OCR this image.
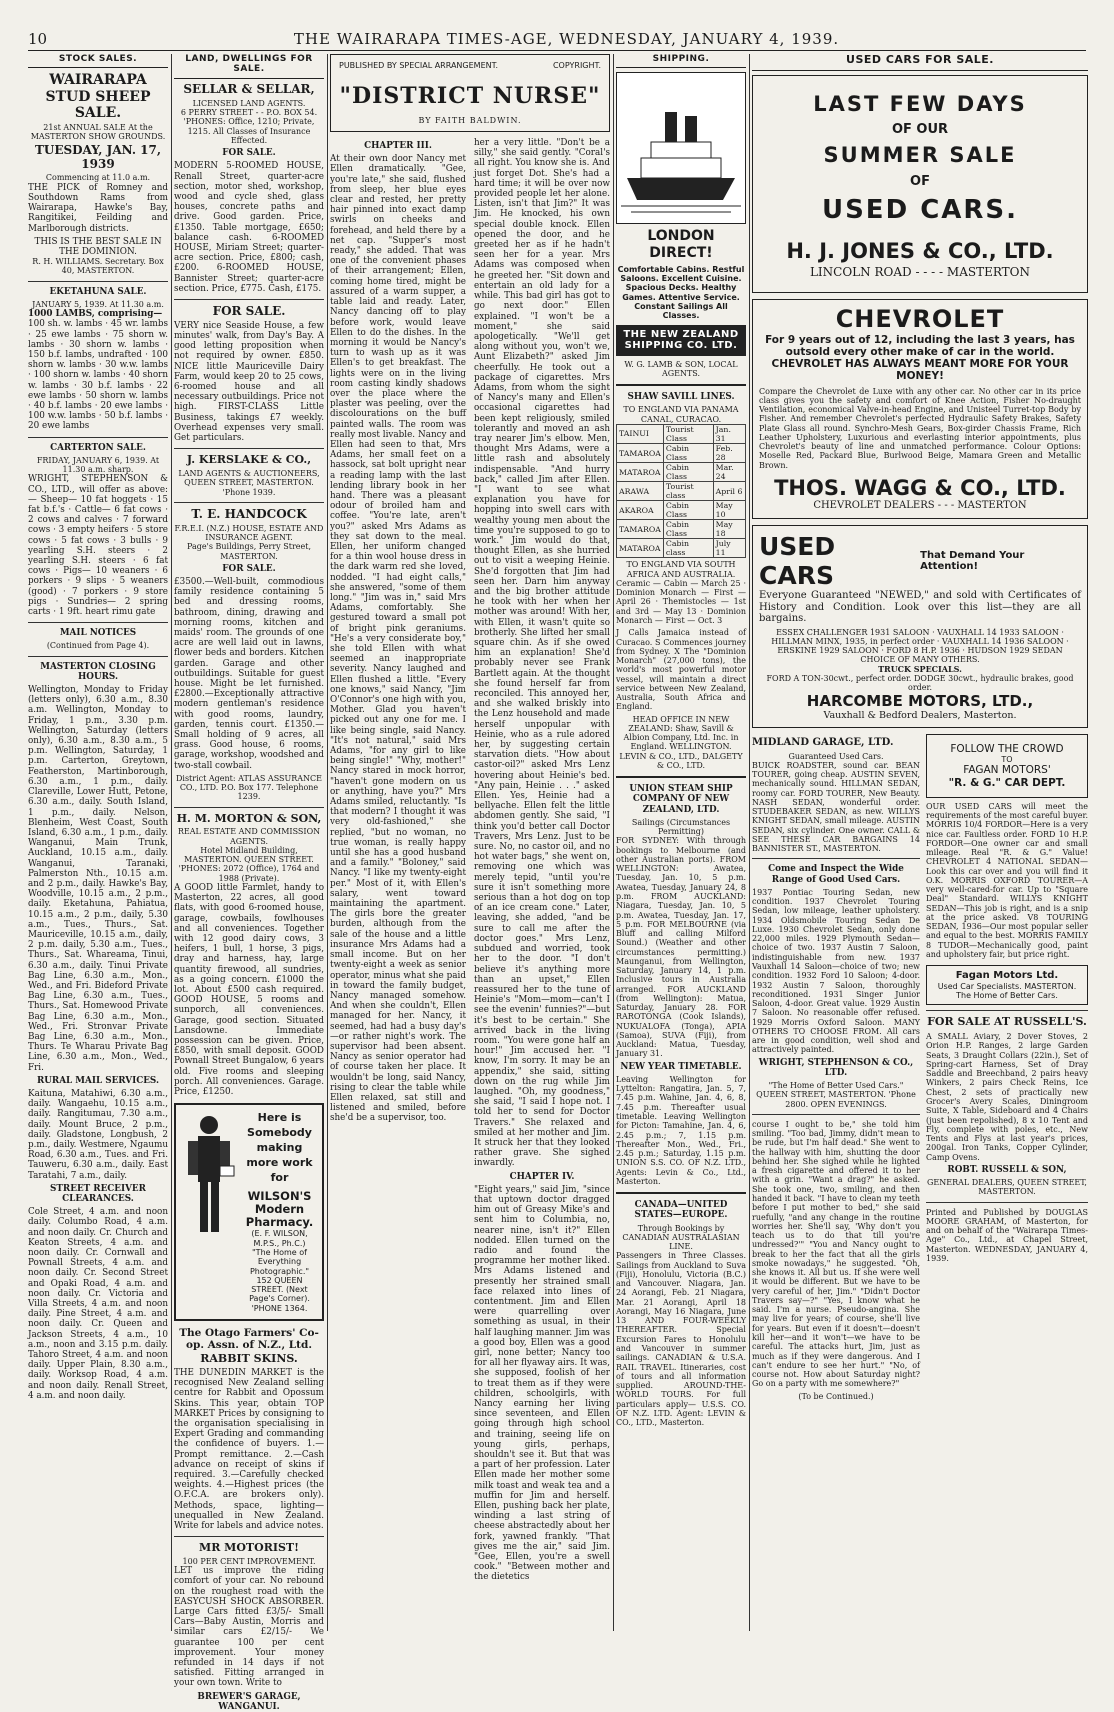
10	THE WAIRARAPA TIMES-AGE, WEDNESDAY, JANUARY 4, 1939.
STOCK SALES.
WAIRARAPA STUD SHEEP SALE.
21st ANNUAL SALE At the MASTERTON SHOW GROUNDS.
TUESDAY, JAN. 17, 1939
Commencing at 11.0 a.m.

THE PICK of Romney and Southdown Rams from Wairarapa, Hawke's Bay, Rangitikei, Feilding and Marlborough districts.

THIS IS THE BEST SALE IN THE DOMINION.
R. H. WILLIAMS. Secretary. Box 40, MASTERTON.
EKETAHUNA SALE.
JANUARY 5, 1939. At 11.30 a.m.
1000 LAMBS, comprising—

100 sh. w. lambs · 45 wr. lambs · 25 ewe lambs · 75 shorn w. lambs · 30 shorn w. lambs · 150 b.f. lambs, undrafted · 100 shorn w. lambs · 30 w.w. lambs · 100 shorn w. lambs · 40 shorn w. lambs · 30 b.f. lambs · 22 ewe lambs · 50 shorn w. lambs · 40 b.f. lambs · 20 ewe lambs · 100 w.w. lambs · 50 b.f. lambs · 20 ewe lambs

CARTERTON SALE.
FRIDAY, JANUARY 6, 1939. At 11.30 a.m. sharp.

WRIGHT, STEPHENSON & CO., LTD., will offer as above:— Sheep— 10 fat hoggets · 15 fat b.f.'s · Cattle— 6 fat cows · 2 cows and calves · 7 forward cows · 3 empty heifers · 5 store cows · 5 fat cows · 3 bulls · 9 yearling S.H. steers · 2 yearling S.H. steers · 6 fat cows · Pigs— 10 weaners · 6 porkers · 9 slips · 5 weaners (good) · 7 porkers · 9 store pigs · Sundries— 2 spring carts · 1 9ft. heart rimu gate

MAIL NOTICES
(Continued from Page 4).
MASTERTON CLOSING HOURS.

Wellington, Monday to Friday (letters only), 6.30 a.m., 8.30 a.m. Wellington, Monday to Friday, 1 p.m., 3.30 p.m. Wellington, Saturday (letters only), 6.30 a.m., 8.30 a.m., 5 p.m. Wellington, Saturday, 1 p.m. Carterton, Greytown, Featherston, Martinborough, 6.30 a.m., 1 p.m., daily. Clareville, Lower Hutt, Petone, 6.30 a.m., daily. South Island, 1 p.m., daily. Nelson, Blenheim, West Coast, South Island, 6.30 a.m., 1 p.m., daily. Wanganui, Main Trunk, Auckland, 10.15 a.m., daily. Wanganui, Taranaki, Palmerston Nth., 10.15 a.m. and 2 p.m., daily. Hawke's Bay, Woodville, 10.15 a.m., 2 p.m., daily. Eketahuna, Pahiatua, 10.15 a.m., 2 p.m., daily, 5.30 a.m., Tues., Thurs., Sat. Mauriceville, 10.15 a.m., daily, 2 p.m. daily, 5.30 a.m., Tues., Thurs., Sat. Whareama, Tinui, 6.30 a.m., daily. Tinui Private Bag Line, 6.30 a.m., Mon., Wed., and Fri. Bideford Private Bag Line, 6.30 a.m., Tues., Thurs., Sat. Homewood Private Bag Line, 6.30 a.m., Mon., Wed., Fri. Stronvar Private Bag Line, 6.30 a.m., Mon., Thurs. Te Wharau Private Bag Line, 6.30 a.m., Mon., Wed., Fri.

RURAL MAIL SERVICES.

Kaituna, Matahiwi, 6.30 a.m., daily. Wangaehu, 10.15 a.m., daily. Rangitumau, 7.30 a.m., daily. Mount Bruce, 2 p.m., daily. Gladstone, Longbush, 2 p.m., daily. Westmere, Ngaumu Road, 6.30 a.m., Tues. and Fri. Tauweru, 6.30 a.m., daily. East Taratahi, 7 a.m., daily.

STREET RECEIVER CLEARANCES.

Cole Street, 4 a.m. and noon daily. Columbo Road, 4 a.m. and noon daily. Cr. Church and Keaton Streets, 4 a.m. and noon daily. Cr. Cornwall and Pownall Streets, 4 a.m. and noon daily. Cr. Second Street and Opaki Road, 4 a.m. and noon daily. Cr. Victoria and Villa Streets, 4 a.m. and noon daily. Pine Street, 4 a.m. and noon daily. Cr. Queen and Jackson Streets, 4 a.m., 10 a.m., noon and 3.15 p.m. daily. Tahoro Street, 4 a.m. and noon daily. Upper Plain, 8.30 a.m., daily. Worksop Road, 4 a.m. and noon daily. Renall Street, 4 a.m. and noon daily.

LAND, DWELLINGS FOR SALE.
SELLAR & SELLAR,
LICENSED LAND AGENTS.
6 PERRY STREET - - P.O. BOX 54. 'PHONES: Office, 1210; Private, 1215. All Classes of Insurance Effected.
FOR SALE.

MODERN 5-ROOMED HOUSE, Renall Street, quarter-acre section, motor shed, workshop, wood and cycle shed, glass houses, concrete paths and drive. Good garden. Price, £1350. Table mortgage, £650; balance cash. 6-ROOMED HOUSE, Miriam Street; quarter-acre section. Price, £800; cash, £200. 6-ROOMED HOUSE, Bannister Street; quarter-acre section. Price, £775. Cash, £175.

FOR SALE.

VERY nice Seaside House, a few minutes' walk, from Day's Bay. A good letting proposition when not required by owner. £850. NICE little Mauriceville Dairy Farm, would keep 20 to 25 cows, 6-roomed house and all necessary outbuildings. Price not high. FIRST-CLASS Little Business, takings £7 weekly. Overhead expenses very small. Get particulars.

J. KERSLAKE & CO.,
LAND AGENTS & AUCTIONEERS, QUEEN STREET, MASTERTON. 'Phone 1939.
T. E. HANDCOCK
F.R.E.I. (N.Z.) HOUSE, ESTATE AND INSURANCE AGENT.
Page's Buildings, Perry Street, MASTERTON.
FOR SALE.

£3500.—Well-built, commodious family residence containing 5 bed and dressing rooms, bathroom, dining, drawing and morning rooms, kitchen and maids' room. The grounds of one acre are well laid out in lawns, flower beds and borders. Kitchen garden. Garage and other outbuildings. Suitable for guest house. Might be let furnished. £2800.—Exceptionally attractive modern gentleman's residence with good rooms, laundry, garden, tennis court. £1350.—Small holding of 9 acres, all grass. Good house, 6 rooms, garage, workshop, woodshed and two-stall cowbail.

District Agent: ATLAS ASSURANCE CO., LTD. P.O. Box 177. Telephone 1239.
H. M. MORTON & SON,
REAL ESTATE AND COMMISSION AGENTS.
Hotel Midland Building, MASTERTON. QUEEN STREET. 'PHONES: 2072 (Office), 1764 and 1988 (Private).

A GOOD little Farmlet, handy to Masterton, 22 acres, all good flats, with good 6-roomed house, garage, cowbails, fowlhouses and all conveniences. Together with 12 good dairy cows, 3 heifers, 1 bull, 1 horse, 3 pigs, dray and harness, hay, large quantity firewood, all sundries, as a going concern. £1000 the lot. About £500 cash required. GOOD HOUSE, 5 rooms and sunporch, all conveniences. Garage, good section. Situated Lansdowne. Immediate possession can be given. Price, £850, with small deposit. GOOD Pownall Street Bungalow, 6 years old. Five rooms and sleeping porch. All conveniences. Garage. Price, £1250.

Here is Somebody making more work for
WILSON'S Modern Pharmacy.
(E. F. WILSON, M.P.S., Ph.C.) "The Home of Everything Photographic." 152 QUEEN STREET. (Next Page's Corner). 'PHONE 1364.
The Otago Farmers' Co-op. Assn. of N.Z., Ltd.
RABBIT SKINS.

THE DUNEDIN MARKET is the recognised New Zealand selling centre for Rabbit and Opossum Skins. This year, obtain TOP MARKET Prices by consigning to the organisation specialising in Expert Grading and commanding the confidence of buyers. 1.—Prompt remittance. 2.—Cash advance on receipt of skins if required. 3.—Carefully checked weights. 4.—Highest prices (the O.F.C.A. are brokers only). Methods, space, lighting—unequalled in New Zealand. Write for labels and advice notes.

MR MOTORIST!
100 PER CENT IMPROVEMENT.

LET us improve the riding comfort of your car. No rebound on the roughest road with the EASYCUSH SHOCK ABSORBER. Large Cars fitted £3/5/- Small Cars—Baby Austin, Morris and similar cars £2/15/- We guarantee 100 per cent improvement. Your money refunded in 14 days if not satisfied. Fitting arranged in your own town. Write to

BREWER'S GARAGE, WANGANUI.
PUBLISHED BY SPECIAL ARRANGEMENT.	COPYRIGHT.
"DISTRICT NURSE"
BY FAITH BALDWIN.
CHAPTER III.

At their own door Nancy met Ellen dramatically. "Gee, you're late," she said, flushed from sleep, her blue eyes clear and rested, her pretty hair pinned into exact damp swirls on cheeks and forehead, and held there by a net cap. "Supper's most ready," she added. That was one of the convenient phases of their arrangement; Ellen, coming home tired, might be assured of a warm supper, a table laid and ready. Later, Nancy dancing off to play before work, would leave Ellen to do the dishes. In the morning it would be Nancy's turn to wash up as it was Ellen's to get breakfast. The lights were on in the living room casting kindly shadows over the place where the plaster was peeling, over the discolourations on the buff painted walls. The room was really most livable. Nancy and Ellen had seen to that, Mrs Adams, her small feet on a hassock, sat bolt upright near a reading lamp with the last lending library book in her hand. There was a pleasant odour of broiled ham and coffee. "You're late, aren't you?" asked Mrs Adams as they sat down to the meal. Ellen, her uniform changed for a thin wool house dress in the dark warm red she loved, nodded. "I had eight calls," she answered, "some of them long." "Jim was in," said Mrs Adams, comfortably. She gestured toward a small pot of bright pink geraniums. "He's a very considerate boy," she told Ellen with what seemed an inappropriate severity. Nancy laughed and Ellen flushed a little. "Every one knows," said Nancy, "Jim O'Connor's one high with you, Mother. Glad you haven't picked out any one for me. I like being single, said Nancy. "It's not natural," said Mrs Adams, "for any girl to like being single!" "Why, mother!" Nancy stared in mock horror, "haven't gone modern on us or anything, have you?" Mrs Adams smiled, reluctantly. "Is that modern? I thought it was very old-fashioned," she replied, "but no woman, no true woman, is really happy until she has a good husband and a family." "Boloney," said Nancy. "I like my twenty-eight per." Most of it, with Ellen's salary, went toward maintaining the apartment. The girls bore the greater burden, although from the sale of the house and a little insurance Mrs Adams had a small income. But on her twenty-eight a week as senior operator, minus what she paid in toward the family budget, Nancy managed somehow. And when she couldn't, Ellen managed for her. Nancy, it seemed, had had a busy day's—or rather night's work. The supervisor had been absent. Nancy as senior operator had of course taken her place. It wouldn't be long, said Nancy, rising to clear the table while Ellen relaxed, sat still and listened and smiled, before she'd be a supervisor, too.

her a very little. "Don't be a silly," she said gently. "Coral's all right. You know she is. And just forget Dot. She's had a hard time; it will be over now provided people let her alone. Listen, isn't that Jim?" It was Jim. He knocked, his own special double knock. Ellen opened the door, and he greeted her as if he hadn't seen her for a year. Mrs Adams was composed when he greeted her. "Sit down and entertain an old lady for a while. This bad girl has got to go next door." Ellen explained. "I won't be a moment," she said apologetically. "We'll get along without you, won't we, Aunt Elizabeth?" asked Jim cheerfully. He took out a package of cigarettes. Mrs Adams, from whom the sight of Nancy's many and Ellen's occasional cigarettes had been kept religiously, smiled tolerantly and moved an ash tray nearer Jim's elbow. Men, thought Mrs Adams, were a little rash and absolutely indispensable. "And hurry back," called Jim after Ellen. "I want to see what explanation you have for hopping into swell cars with wealthy young men about the time you're supposed to go to work." Jim would do that, thought Ellen, as she hurried out to visit a weeping Heinie. She'd forgotten that Jim had seen her. Darn him anyway and the big brother attitude he took with her when her mother was around! With her, with Ellen, it wasn't quite so brotherly. She lifted her small square chin. As if she owed him an explanation! She'd probably never see Frank Bartlett again. At the thought she found herself far from reconciled. This annoyed her, and she walked briskly into the Lenz household and made herself unpopular with Heinie, who as a rule adored her, by suggesting certain starvation diets. "How about castor-oil?" asked Mrs Lenz hovering about Heinie's bed. "Any pain, Heinie . . ." asked Ellen. Yes, Heinie had a bellyache. Ellen felt the little abdomen gently. She said, "I think you'd better call Doctor Travers, Mrs Lenz. Just to be sure. No, no castor oil, and no hot water bags," she went on, removing one which was merely tepid, "until you're sure it isn't something more serious than a hot dog on top of an ice cream cone." Later, leaving, she added, "and be sure to call me after the doctor goes." Mrs Lenz, subdued and worried, took her to the door. "I don't believe it's anything more than an upset," Ellen reassured her to the tune of Heinie's "Mom—mom—can't I see the evenin' funnies?"—but it's best to be certain." She arrived back in the living room. "You were gone half an hour!" Jim accused her. "I know, I'm sorry. It may be an appendix," she said, sitting down on the rug while Jim laughed. "Oh, my goodness," she said, "I said I hope not. I told her to send for Doctor Travers." She relaxed and smiled at her mother and Jim. It struck her that they looked rather grave. She sighed inwardly.

CHAPTER IV.

"Eight years," said Jim, "since that uptown doctor dragged him out of Greasy Mike's and sent him to Columbia, no, nearer nine, isn't it?" Ellen nodded. Ellen turned on the radio and found the programme her mother liked. Mrs Adams listened and presently her strained small face relaxed into lines of contentment. Jim and Ellen were quarrelling over something as usual, in their half laughing manner. Jim was a good boy, Ellen was a good girl, none better; Nancy too for all her flyaway airs. It was, she supposed, foolish of her to treat them as if they were children, schoolgirls, with Nancy earning her living since seventeen, and Ellen going through high school and training, seeing life on young girls, perhaps, shouldn't see it. But that was a part of her profession. Later Ellen made her mother some milk toast and weak tea and a muffin for Jim and herself. Ellen, pushing back her plate, winding a last string of cheese abstractedly about her fork, yawned frankly. "That gives me the air," said Jim. "Gee, Ellen, you're a swell cook." "Between mother and the dietetics

SHIPPING.
LONDON DIRECT!
Comfortable Cabins. Restful Saloons. Excellent Cuisine. Spacious Decks. Healthy Games. Attentive Service. Constant Sailings All Classes.
THE NEW ZEALAND SHIPPING CO. LTD.
W. G. LAMB & SON, LOCAL AGENTS.
SHAW SAVILL LINES.
TO ENGLAND VIA PANAMA CANAL, CURACAO.
TAINUI	Tourist Class	Jan. 31
TAMAROA	Cabin Class	Feb. 28
MATAROA	Cabin Class	Mar. 24
ARAWA	Tourist class	April 6
AKAROA	Cabin Class	May 10
TAMAROA	Cabin Class	May 18
MATAROA	Cabin class	July 11
TO ENGLAND VIA SOUTH AFRICA AND AUSTRALIA.

Ceramic — Cabin — March 25 · Dominion Monarch — First — April 26 · Themistocles — 1st and 3rd — May 13 · Dominion Monarch — First — Oct. 3

J Calls Jamaica instead of Curacao. S Commences journey from Sydney. X The "Dominion Monarch" (27,000 tons), the world's most powerful motor vessel, will maintain a direct service between New Zealand, Australia, South Africa and England.

HEAD OFFICE IN NEW ZEALAND: Shaw, Savill & Albion Company, Ltd. Inc. in England. WELLINGTON.
LEVIN & CO., LTD., DALGETY & CO., LTD.
UNION STEAM SHIP COMPANY OF NEW ZEALAND, LTD.
Sailings (Circumstances Permitting)

FOR SYDNEY: With through bookings to Melbourne (and other Australian ports). FROM WELLINGTON: Awatea, Tuesday, Jan. 10, 5 p.m. Awatea, Tuesday, January 24, 8 p.m. FROM AUCKLAND: Niagara, Tuesday, Jan. 10, 5 p.m. Awatea, Tuesday, Jan. 17, 5 p.m. FOR MELBOURNE (via Bluff and calling Milford Sound.) (Weather and other circumstances permitting.) Maunganui, from Wellington, Saturday, January 14, 1 p.m. Inclusive tours in Australia arranged. FOR AUCKLAND (from Wellington): Matua, Saturday, January 28. FOR RAROTONGA (Cook Islands), NUKUALOFA (Tonga), APIA (Samoa), SUVA (Fiji), from Auckland: Matua, Tuesday, January 31.

NEW YEAR TIMETABLE.

Leaving Wellington for Lyttelton: Rangatira, Jan. 5, 7, 7.45 p.m. Wahine, Jan. 4, 6, 8, 7.45 p.m. Thereafter usual timetable. Leaving Wellington for Picton: Tamahine, Jan. 4, 6, 2.45 p.m.; 7, 1.15 p.m. Thereafter Mon., Wed., Fri., 2.45 p.m.; Saturday, 1.15 p.m. UNION S.S. CO. OF N.Z. LTD., Agents: Levin & Co., Ltd., Masterton.

CANADA—UNITED STATES—EUROPE.
Through Bookings by CANADIAN AUSTRALASIAN LINE.

Passengers in Three Classes. Sailings from Auckland to Suva (Fiji), Honolulu, Victoria (B.C.) and Vancouver. Niagara, Jan. 24 Aorangi, Feb. 21 Niagara, Mar. 21 Aorangi, April 18 Aorangi, May 16 Niagara, June 13 AND FOUR-WEEKLY THEREAFTER. Special Excursion Fares to Honolulu and Vancouver in summer sailings. CANADIAN & U.S.A. RAIL TRAVEL. Itineraries, cost of tours and all information supplied. AROUND-THE-WORLD TOURS. For full particulars apply— U.S.S. CO. OF N.Z. LTD. Agent: LEVIN & CO., LTD., Masterton.

USED CARS FOR SALE.
LAST FEW DAYS
OF OUR
SUMMER SALE
OF
USED CARS.
H. J. JONES & CO., LTD.
LINCOLN ROAD - - - - MASTERTON
CHEVROLET
For 9 years out of 12, including the last 3 years, has outsold every other make of car in the world. CHEVROLET HAS ALWAYS MEANT MORE FOR YOUR MONEY!

Compare the Chevrolet de Luxe with any other car. No other car in its price class gives you the safety and comfort of Knee Action, Fisher No-draught Ventilation, economical Valve-in-head Engine, and Unisteel Turret-top Body by Fisher. And remember Chevrolet's perfected Hydraulic Safety Brakes, Safety Plate Glass all round. Synchro-Mesh Gears, Box-girder Chassis Frame, Rich Leather Upholstery, Luxurious and everlasting interior appointments, plus Chevrolet's beauty of line and unmatched performance. Colour Options: Moselle Red, Packard Blue, Burlwood Beige, Mamara Green and Metallic Brown.

THOS. WAGG & CO., LTD.
CHEVROLET DEALERS - - - MASTERTON
USED CARS
That Demand Your Attention!

Everyone Guaranteed "NEWED," and sold with Certificates of History and Condition. Look over this list—they are all bargains.

ESSEX CHALLENGER 1931 SALOON · VAUXHALL 14 1933 SALOON · HILLMAN MINX, 1935, in perfect order · VAUXHALL 14 1936 SALOON · ERSKINE 1929 SALOON · FORD 8 H.P. 1936 · HUDSON 1929 SEDAN
CHOICE OF MANY OTHERS.
TRUCK SPECIALS.
FORD A TON-30cwt., perfect order. DODGE 30cwt., hydraulic brakes, good order.
HARCOMBE MOTORS, LTD.,
Vauxhall & Bedford Dealers, Masterton.
MIDLAND GARAGE, LTD.
Guaranteed Used Cars.

BUICK ROADSTER, sound car. BEAN TOURER, going cheap. AUSTIN SEVEN, mechanically sound. HILLMAN SEDAN, roomy car. FORD TOURER, New Beauty. NASH SEDAN, wonderful order. STUDEBAKER SEDAN, as new. WILLYS KNIGHT SEDAN, small mileage. AUSTIN SEDAN, six cylinder. One owner. CALL & SEE THESE CAR BARGAINS 14 BANNISTER ST., MASTERTON.

Come and Inspect the Wide Range of Good Used Cars.

1937 Pontiac Touring Sedan, new condition. 1937 Chevrolet Touring Sedan, low mileage, leather upholstery. 1934 Oldsmobile Touring Sedan De Luxe. 1930 Chevrolet Sedan, only done 22,000 miles. 1929 Plymouth Sedan—choice of two. 1937 Austin 7 Saloon, indistinguishable from new. 1937 Vauxhall 14 Saloon—choice of two; new condition. 1932 Ford 10 Saloon; 4-door. 1932 Austin 7 Saloon, thoroughly reconditioned. 1931 Singer Junior Saloon, 4-door. Great value. 1929 Austin 7 Saloon. No reasonable offer refused. 1929 Morris Oxford Saloon. MANY OTHERS TO CHOOSE FROM. All cars are in good condition, well shod and attractively painted.

WRIGHT, STEPHENSON & CO., LTD.
"The Home of Better Used Cars." QUEEN STREET, MASTERTON. 'Phone 2800. OPEN EVENINGS.

course I ought to be," she told him smiling. "Too bad, Jimmy, didn't mean to be rude, but I'm half dead." She went to the hallway with him, shutting the door behind her. She sighed while he lighted a fresh cigarette and offered it to her with a grin. "Want a drag?" he asked. She took one, two, smiling, and then handed it back. "I have to clean my teeth before I put mother to bed," she said ruefully, "and any change in the routine worries her. She'll say, 'Why don't you teach us to do that till you're undressed?'" "You and Nancy ought to break to her the fact that all the girls smoke nowadays," he suggested. "Oh, she knows it. All but us. If she were well it would be different. But we have to be very careful of her, Jim." "Didn't Doctor Travers say—?" "Yes, I know what he said. I'm a nurse. Pseudo-angina. She may live for years; of course, she'll live for years. But even if it doesn't—doesn't kill her—and it won't—we have to be careful. The attacks hurt, Jim, just as much as if they were dangerous. And I can't endure to see her hurt." "No, of course not. How about Saturday night? Go on a party with me somewhere?"

(To be Continued.)
FOLLOW THE CROWD
TO
FAGAN MOTORS'
"R. & G." CAR DEPT.

OUR USED CARS will meet the requirements of the most careful buyer. MORRIS 10/4 FORDOR—Here is a very nice car. Faultless order. FORD 10 H.P. FORDOR—One owner car and small mileage. Real "R. & G." Value! CHEVROLET 4 NATIONAL SEDAN—Look this car over and you will find it O.K. MORRIS OXFORD TOURER—A very well-cared-for car. Up to "Square Deal" Standard. WILLYS KNIGHT SEDAN—This job is right, and is a snip at the price asked. V8 TOURING SEDAN, 1936—Our most popular seller and equal to the best. MORRIS FAMILY 8 TUDOR—Mechanically good, paint and upholstery fair, but price right.

Fagan Motors Ltd.
Used Car Specialists. MASTERTON. The Home of Better Cars.
FOR SALE AT RUSSELL'S.

A SMALL Aviary, 2 Dover Stoves, 2 Orion H.P. Ranges, 2 large Garden Seats, 3 Draught Collars (22in.), Set of Spring-cart Harness, Set of Dray Saddle and Breechband, 2 pairs heavy Winkers, 2 pairs Check Reins, Ice Chest, 2 sets of practically new Grocer's Avery Scales, Diningroom Suite, X Table, Sideboard and 4 Chairs (just been repolished), 8 x 10 Tent and Fly, complete with poles, etc., New Tents and Flys at last year's prices, 200gal. Iron Tanks, Copper Cylinder, Camp Ovens.

ROBT. RUSSELL & SON,
GENERAL DEALERS, QUEEN STREET, MASTERTON.

Printed and Published by DOUGLAS MOORE GRAHAM, of Masterton, for and on behalf of the "Wairarapa Times-Age" Co., Ltd., at Chapel Street, Masterton. WEDNESDAY, JANUARY 4, 1939.
